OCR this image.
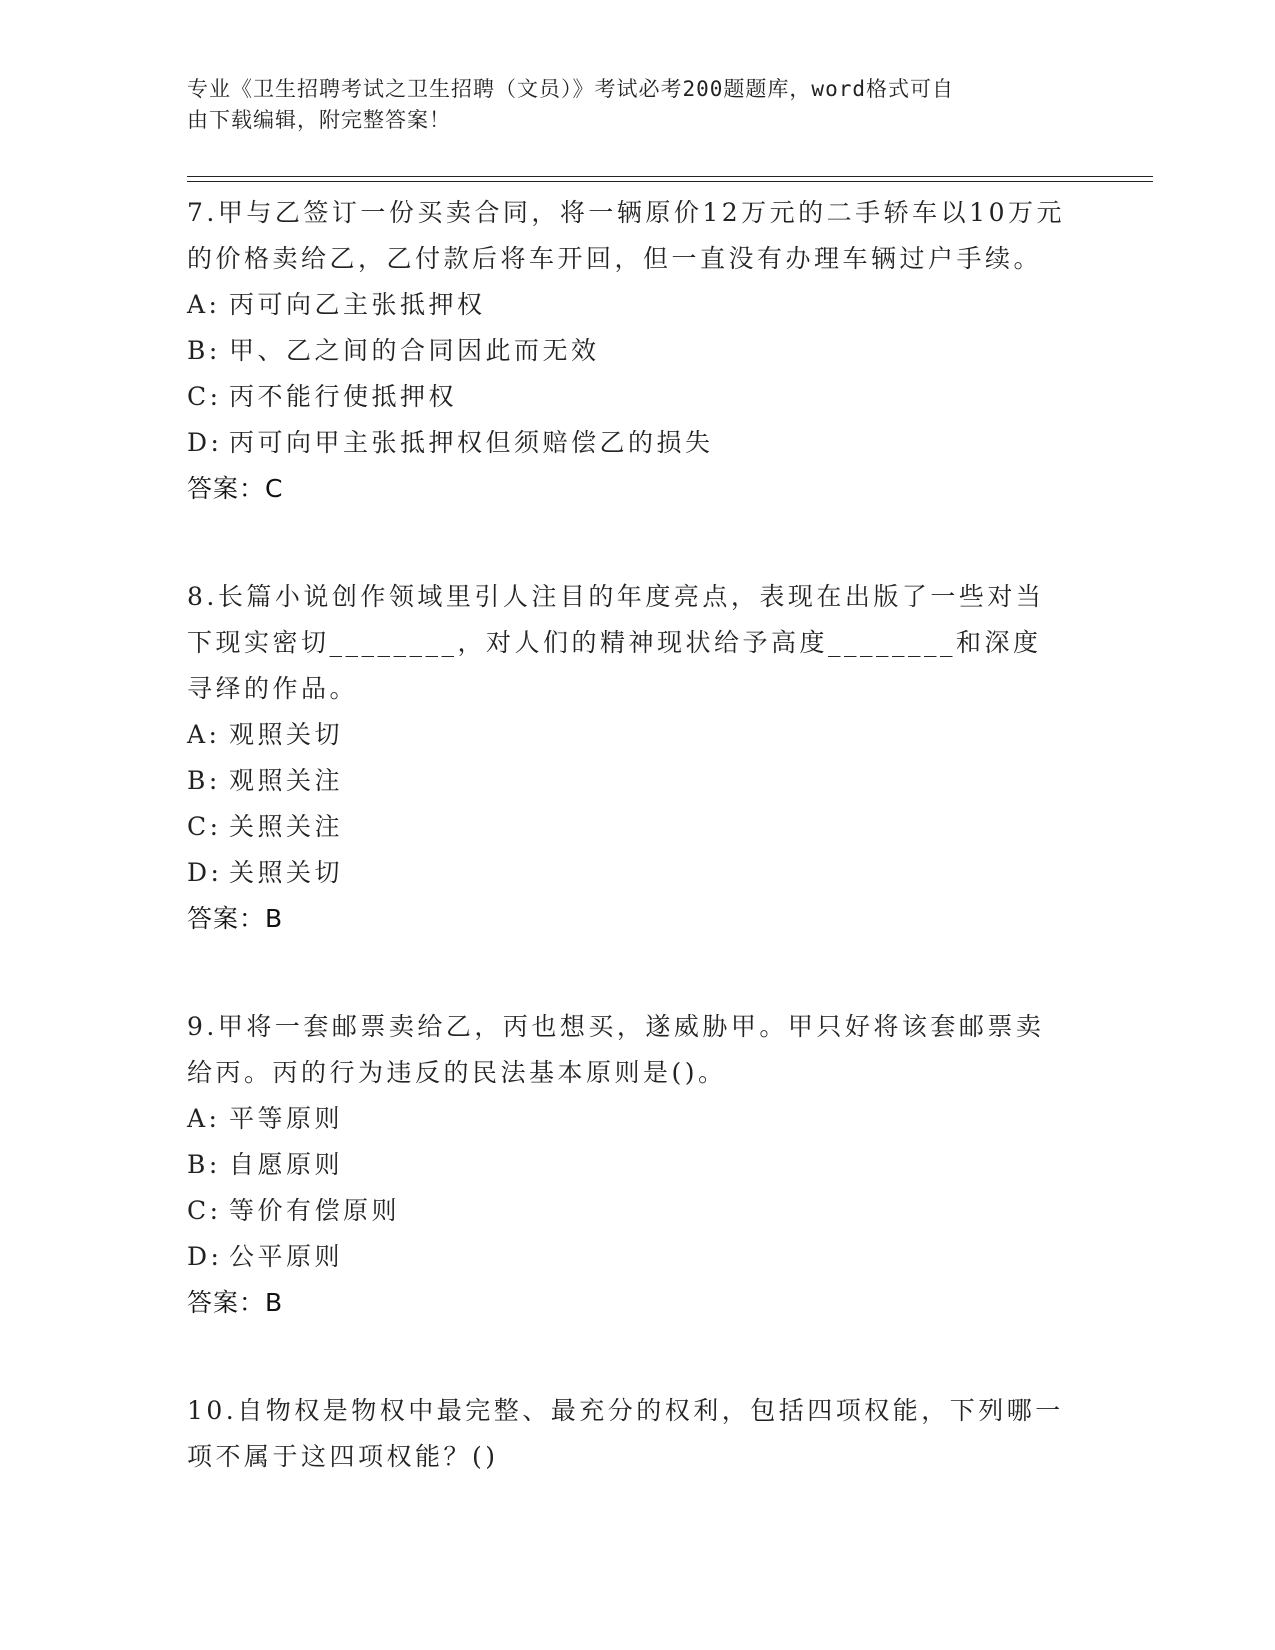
专业《卫生招聘考试之卫生招聘（文员）》考试必考200题题库，word格式可自
由下载编辑，附完整答案！

7.甲与乙签订一份买卖合同，将一辆原价12万元的二手轿车以10万元的价格卖给乙，乙付款后将车开回，但一直没有办理车辆过户手续。

A: 丙可向乙主张抵押权

B: 甲、乙之间的合同因此而无效

C: 丙不能行使抵押权

D: 丙可向甲主张抵押权但须赔偿乙的损失

答案：C

8.长篇小说创作领域里引人注目的年度亮点，表现在出版了一些对当下现实密切________，对人们的精神现状给予高度________和深度寻绎的作品。

A: 观照关切

B: 观照关注

C: 关照关注

D: 关照关切

答案：B

9.甲将一套邮票卖给乙，丙也想买，遂威胁甲。甲只好将该套邮票卖给丙。丙的行为违反的民法基本原则是()。

A: 平等原则

B: 自愿原则

C: 等价有偿原则

D: 公平原则

答案：B

10.自物权是物权中最完整、最充分的权利，包括四项权能，下列哪一项不属于这四项权能？()
